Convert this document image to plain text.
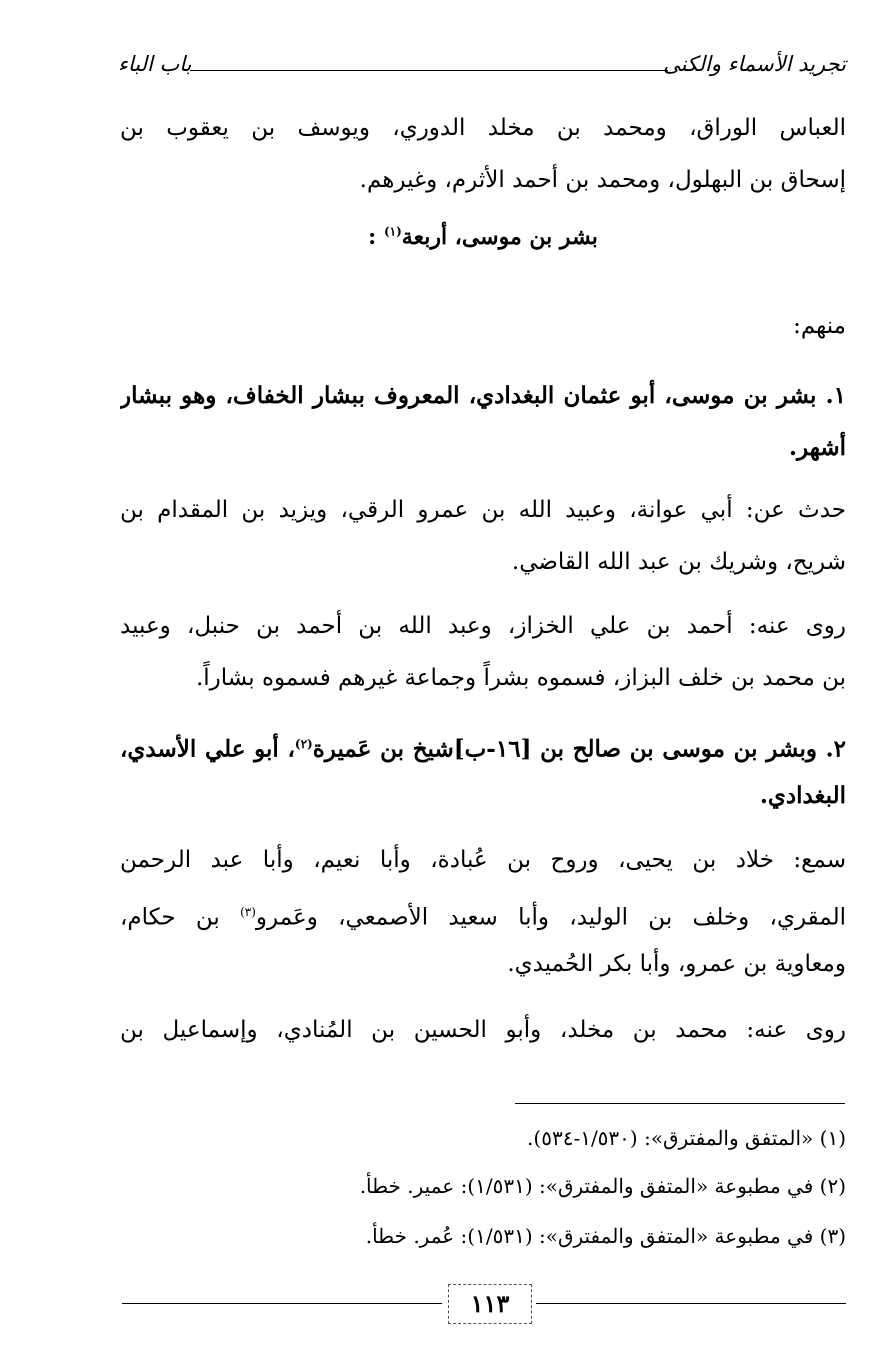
تجريد الأسماء والكنى
باب الباء
العباس الوراق، ومحمد بن مخلد الدوري، ويوسف بن يعقوب بن
إسحاق بن البهلول، ومحمد بن أحمد الأثرم، وغيرهم.
بشر بن موسى، أربعة$^{(١)}$ :
منهم:
١. بشر بن موسى، أبو عثمان البغدادي، المعروف ببشار الخفاف، وهو ببشار
أشهر.
حدث عن: أبي عوانة، وعبيد الله بن عمرو الرقي، ويزيد بن المقدام بن
شريح، وشريك بن عبد الله القاضي.
روى عنه: أحمد بن علي الخزاز، وعبد الله بن أحمد بن حنبل، وعبيد
بن محمد بن خلف البزاز، فسموه بشراً وجماعة غيرهم فسموه بشاراً.
٢. وبشر بن موسى بن صالح بن [١٦-ب]شيخ بن عَميرة$^{(٢)}$، أبو علي الأسدي،
البغدادي.
سمع: خلاد بن يحيى، وروح بن عُبادة، وأبا نعيم، وأبا عبد الرحمن
المقري، وخلف بن الوليد، وأبا سعيد الأصمعي، وعَمرو$^{(٣)}$ بن حكام،
ومعاوية بن عمرو، وأبا بكر الحُميدي.
روى عنه: محمد بن مخلد، وأبو الحسين بن المُنادي، وإسماعيل بن
(١) «المتفق والمفترق»: (١/٥٣٠-٥٣٤).
(٢) في مطبوعة «المتفق والمفترق»: (١/٥٣١): عمير. خطأ.
(٣) في مطبوعة «المتفق والمفترق»: (١/٥٣١): عُمر. خطأ.
١١٣
